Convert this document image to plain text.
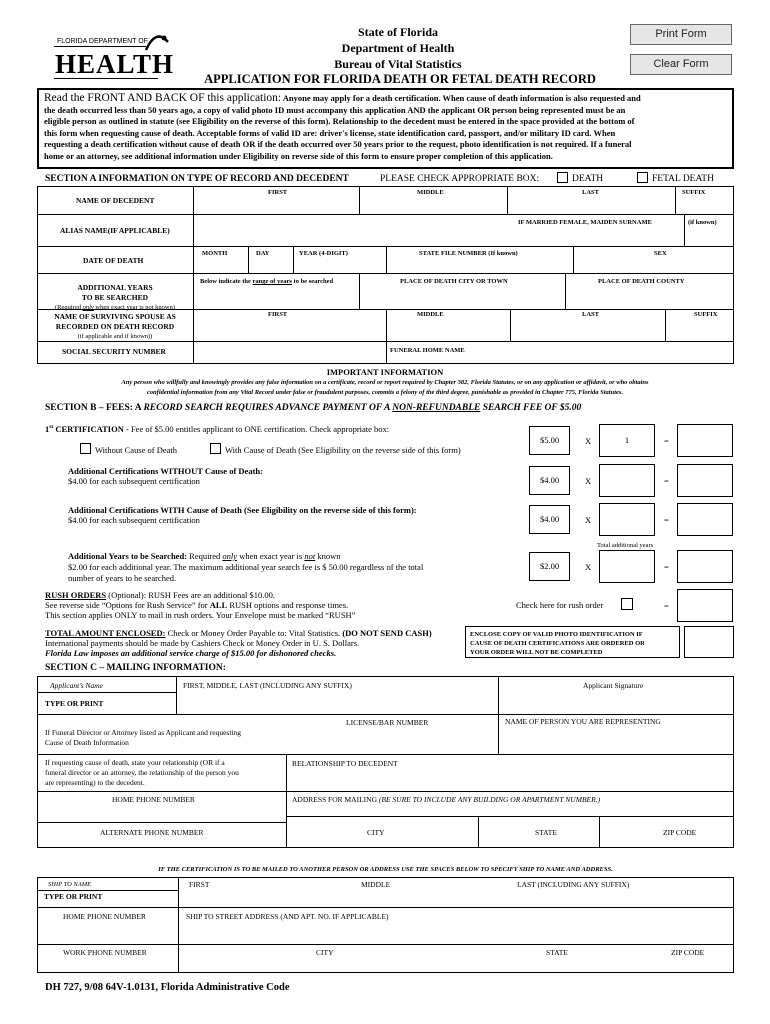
FLORIDA DEPARTMENT OF
HEALTH
State of Florida
Department of Health
Bureau of Vital Statistics
APPLICATION FOR FLORIDA DEATH OR FETAL DEATH RECORD
Print Form
Clear Form
Read the FRONT AND BACK OF this application: Anyone may apply for a death certification. When cause of death information is also requested and
the death occurred less than 50 years ago, a copy of valid photo ID must accompany this application AND the applicant OR person being represented must be an
eligible person as outlined in statute (see Eligibility on the reverse of this form). Relationship to the decedent must be entered in the space provided at the bottom of
this form when requesting cause of death. Acceptable forms of valid ID are: driver's license, state identification card, passport, and/or military ID card. When
requesting a death certification without cause of death OR if the death occurred over 50 years prior to the request, photo identification is not required. If a funeral
home or an attorney, see additional information under Eligibility on reverse side of this form to ensure proper completion of this application.
SECTION A INFORMATION ON TYPE OF RECORD AND DECEDENT	PLEASE CHECK APPROPRIATE BOX:	DEATH	FETAL DEATH
NAME OF DECEDENT
FIRST	MIDDLE	LAST	SUFFIX
ALIAS NAME(IF APPLICABLE)
IF MARRIED FEMALE, MAIDEN SURNAME	(if known)
DATE OF DEATH
MONTH	DAY	YEAR (4-DIGIT)	STATE FILE NUMBER (If known)	SEX
ADDITIONAL YEARS
TO BE SEARCHED
(Required only when exact year is not known)
Below indicate the range of years to be searched	PLACE OF DEATH CITY OR TOWN	PLACE OF DEATH COUNTY
NAME OF SURVIVING SPOUSE AS
RECORDED ON DEATH RECORD
(if applicable and if known))
FIRST	MIDDLE	LAST	SUFFIX
SOCIAL SECURITY NUMBER	FUNERAL HOME NAME
IMPORTANT INFORMATION
Any person who willfully and knowingly provides any false information on a certificate, record or report required by Chapter 382, Florida Statutes, or on any application or affidavit, or who obtains
confidential information from any Vital Record under false or fraudulent purposes, commits a felony of the third degree, punishable as provided in Chapter 775, Florida Statutes.
SECTION B – FEES: A RECORD SEARCH REQUIRES ADVANCE PAYMENT OF A NON-REFUNDABLE SEARCH FEE OF $5.00
1st CERTIFICATION - Fee of $5.00 entitles applicant to ONE certification. Check appropriate box:
Without Cause of Death	With Cause of Death (See Eligibility on the reverse side of this form)
$5.00	X	1	=
Additional Certifications WITHOUT Cause of Death:
$4.00 for each subsequent certification	$4.00	X	=
Additional Certifications WITH Cause of Death (See Eligibility on the reverse side of this form):
$4.00 for each subsequent certification	$4.00	X	=
Total additional years
Additional Years to be Searched: Required only when exact year is not known
$2.00 for each additional year. The maximum additional year search fee is $ 50.00 regardless of the total
number of years to be searched.
$2.00	X	=
RUSH ORDERS (Optional): RUSH Fees are an additional $10.00.
See reverse side “Options for Rush Service” for ALL RUSH options and response times.
This section applies ONLY to mail in rush orders. Your Envelope must be marked “RUSH”
Check here for rush order	=
TOTAL AMOUNT ENCLOSED: Check or Money Order Payable to: Vital Statistics. (DO NOT SEND CASH)
International payments should be made by Cashiers Check or Money Order in U. S. Dollars.
Florida Law imposes an additional service charge of $15.00 for dishonored checks.
ENCLOSE COPY OF VALID PHOTO IDENTIFICATION IF
CAUSE OF DEATH CERTIFICATIONS ARE ORDERED OR
YOUR ORDER WILL NOT BE COMPLETED
SECTION C – MAILING INFORMATION:
Applicant’s Name
TYPE OR PRINT
FIRST, MIDDLE, LAST (INCLUDING ANY SUFFIX)	Applicant Signature
LICENSE/BAR NUMBER	NAME OF PERSON YOU ARE REPRESENTING
If Funeral Director or Attorney listed as Applicant and requesting
Cause of Death Information
If requesting cause of death, state your relationship (OR if a
funeral director or an attorney, the relationship of the person you
are representing) to the decedent.
RELATIONSHIP TO DECEDENT
HOME PHONE NUMBER	ADDRESS FOR MAILING (BE SURE TO INCLUDE ANY BUILDING OR APARTMENT NUMBER.)
ALTERNATE PHONE NUMBER	CITY	STATE	ZIP CODE
IF THE CERTIFICATION IS TO BE MAILED TO ANOTHER PERSON OR ADDRESS USE THE SPACES BELOW TO SPECIFY SHIP TO NAME AND ADDRESS.
SHIP TO NAME
TYPE OR PRINT
FIRST	MIDDLE	LAST (INCLUDING ANY SUFFIX)
HOME PHONE NUMBER	SHIP TO STREET ADDRESS (AND APT. NO. IF APPLICABLE)
WORK PHONE NUMBER	CITY	STATE	ZIP CODE
DH 727, 9/08 64V-1.0131, Florida Administrative Code
